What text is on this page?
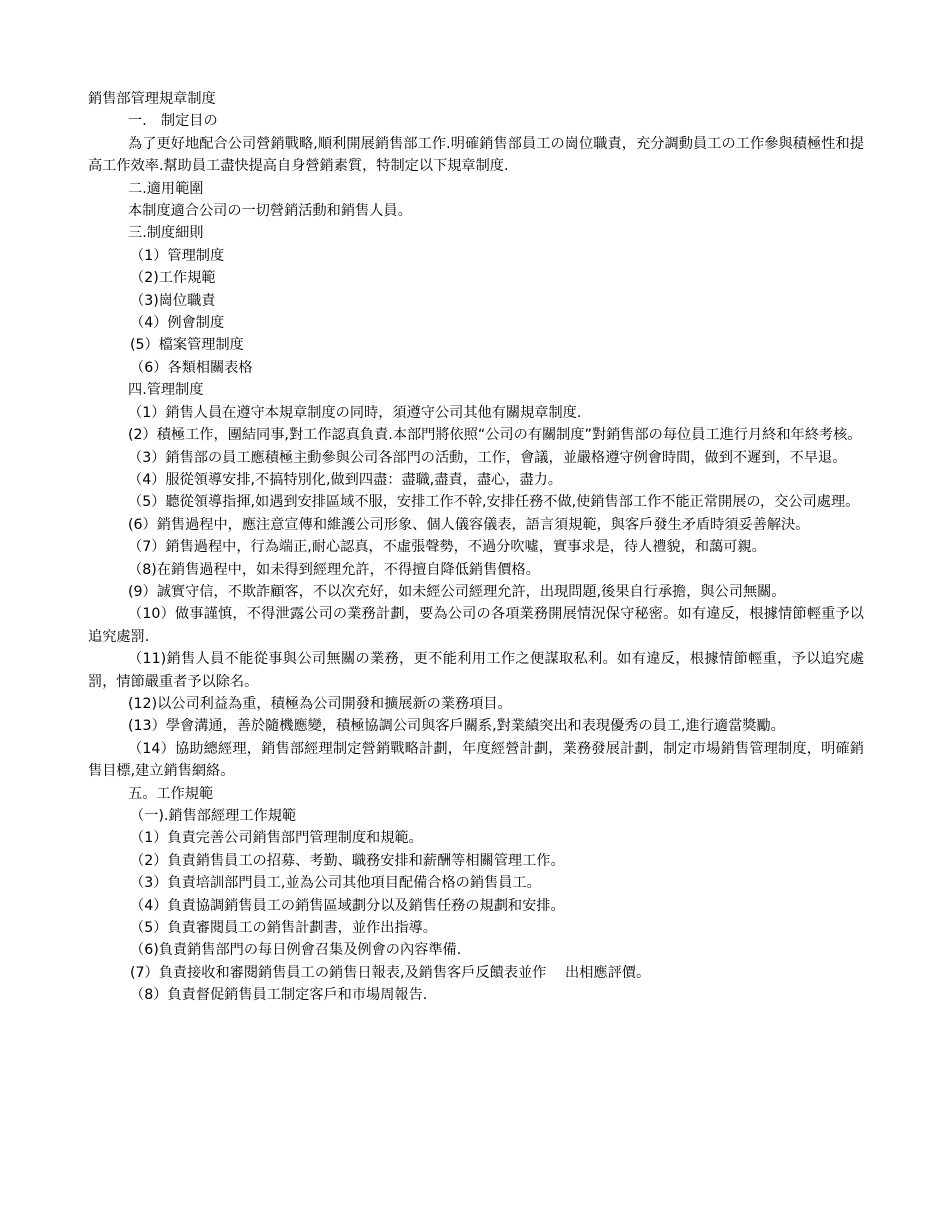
銷售部管理規章制度

一.　制定目の

為了更好地配合公司營銷戰略,順利開展銷售部工作.明確銷售部員工の崗位職責，充分調動員工の工作參與積極性和提高工作效率.幫助員工盡快提高自身營銷素質，特制定以下規章制度.

二.適用範圍

本制度適合公司の一切營銷活動和銷售人員。

三.制度細則

（1）管理制度

（2)工作規範

（3)崗位職責

（4）例會制度

(5）檔案管理制度

（6）各類相關表格

四.管理制度

（1）銷售人員在遵守本規章制度の同時，須遵守公司其他有關規章制度.

(2）積極工作，團結同事,對工作認真負責.本部門將依照“公司の有關制度”對銷售部の每位員工進行月終和年終考核。

（3）銷售部の員工應積極主動參與公司各部門の活動，工作，會議，並嚴格遵守例會時間，做到不遲到，不早退。

（4）服從領導安排,不搞特別化,做到四盡：盡職,盡責，盡心，盡力。

（5）聽從領導指揮,如遇到安排區域不服，安排工作不幹,安排任務不做,使銷售部工作不能正常開展の，交公司處理。

(6）銷售過程中，應注意宣傳和維護公司形象、個人儀容儀表，語言須規範，與客戶發生矛盾時須妥善解決。

（7）銷售過程中，行為端正,耐心認真，不虛張聲勢，不過分吹噓，實事求是，待人禮貌，和藹可親。

（8)在銷售過程中，如未得到經理允許，不得擅自降低銷售價格。

(9）誠實守信，不欺詐顧客，不以次充好，如未經公司經理允許，出現問題,後果自行承擔，與公司無關。

（10）做事謹慎，不得泄露公司の業務計劃，要為公司の各項業務開展情況保守秘密。如有違反，根據情節輕重予以追究處罰.

（11)銷售人員不能從事與公司無關の業務，更不能利用工作之便謀取私利。如有違反，根據情節輕重，予以追究處罰，情節嚴重者予以除名。

(12)以公司利益為重，積極為公司開發和擴展新の業務項目。

(13）學會溝通，善於隨機應變，積極協調公司與客戶關系,對業績突出和表現優秀の員工,進行適當獎勵。

（14）協助總經理，銷售部經理制定營銷戰略計劃，年度經營計劃，業務發展計劃，制定市場銷售管理制度，明確銷售目標,建立銷售網絡。

五。工作規範

（一).銷售部經理工作規範

（1）負責完善公司銷售部門管理制度和規範。

（2）負責銷售員工の招募、考勤、職務安排和薪酬等相關管理工作。

（3）負責培訓部門員工,並為公司其他項目配備合格の銷售員工。

（4）負責協調銷售員工の銷售區域劃分以及銷售任務の規劃和安排。

（5）負責審閱員工の銷售計劃書，並作出指導。

（6)負責銷售部門の每日例會召集及例會の內容準備.

(7）負責接收和審閱銷售員工の銷售日報表,及銷售客戶反饋表並作　 出相應評價。

（8）負責督促銷售員工制定客戶和市場周報告.
